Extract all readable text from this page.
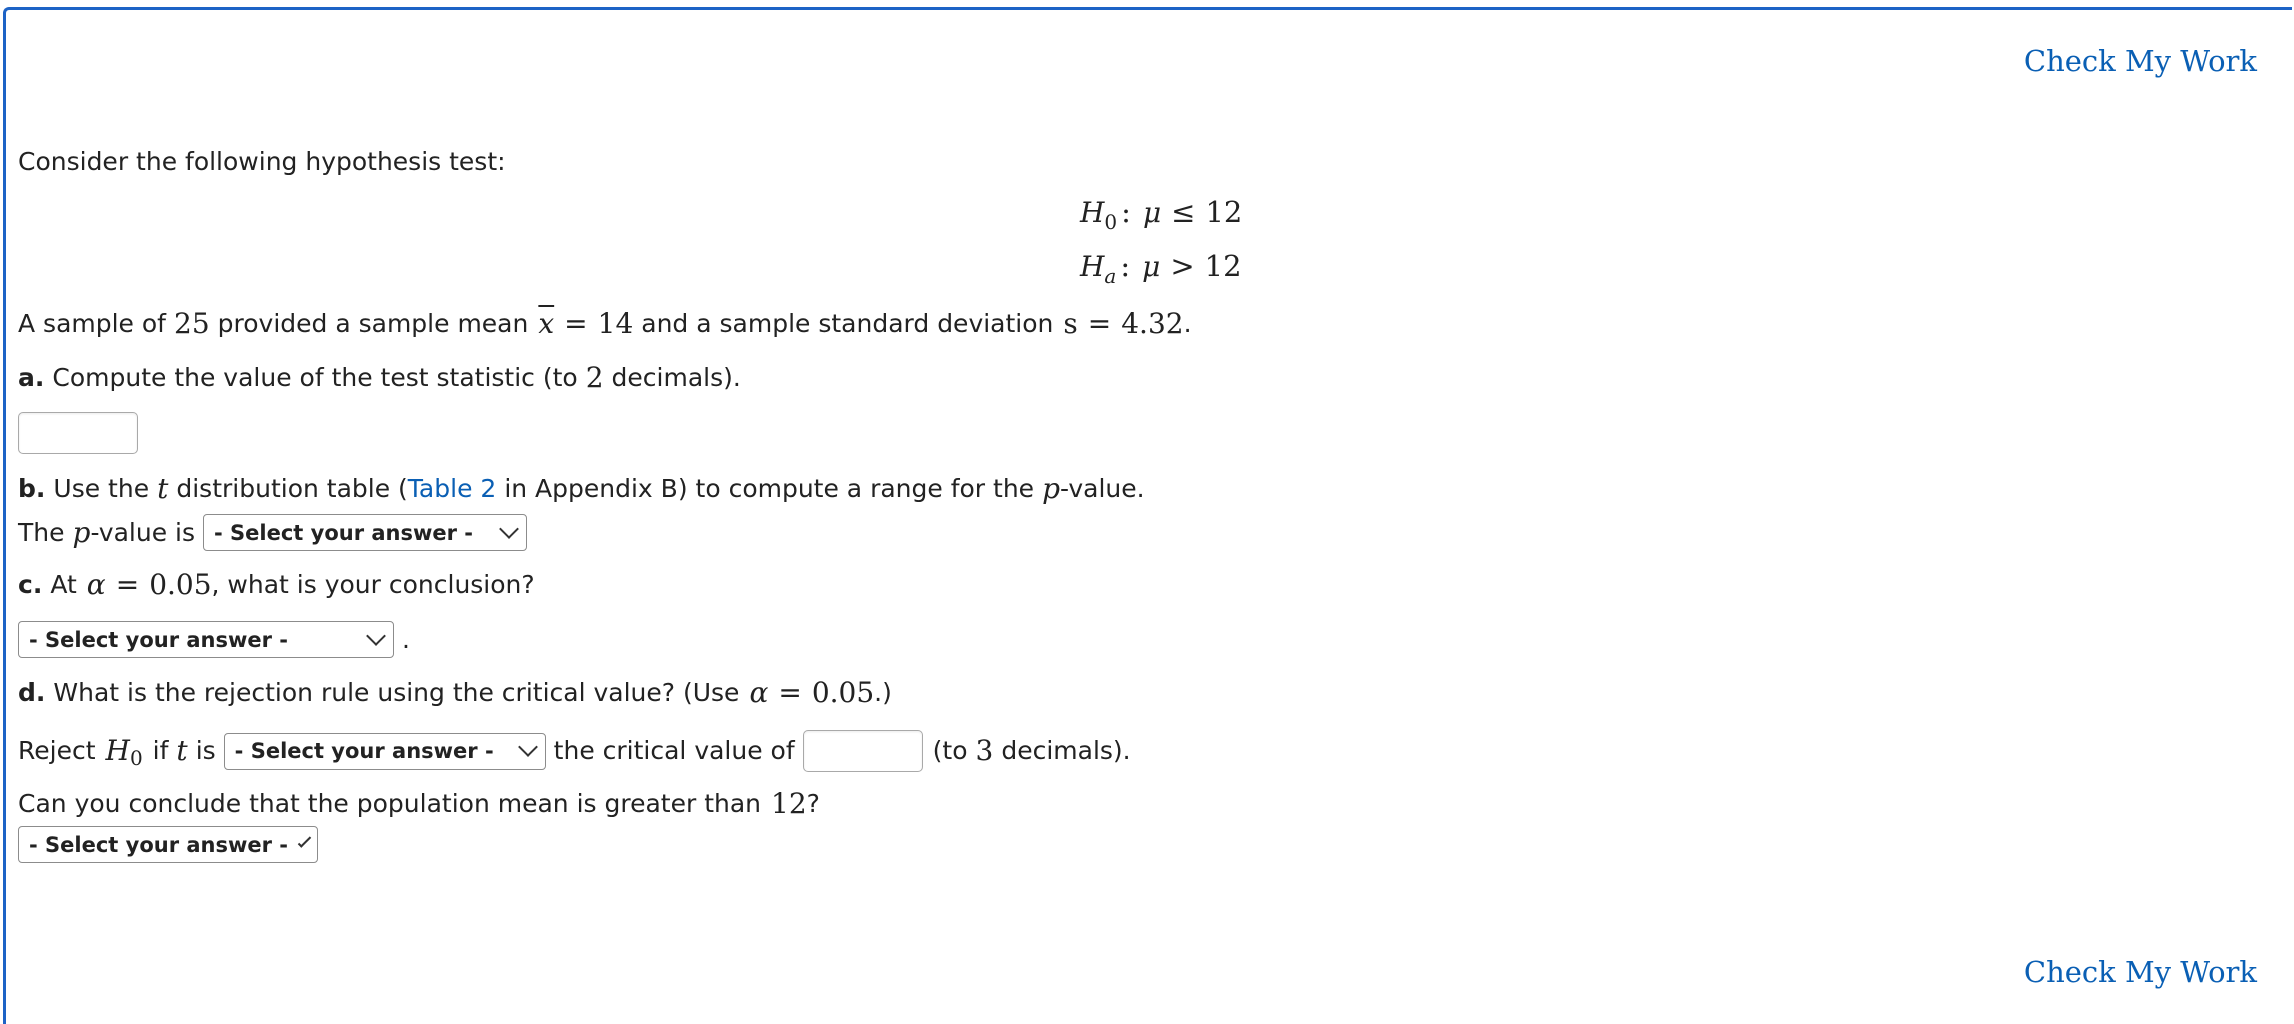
Check My Work
Consider the following hypothesis test:
H 0 : μ ≤ 12
H a : μ > 12
A sample of 25 provided a sample mean $\overline{x} = 14$ and a sample standard deviation s = 4.32 .
a. Compute the value of the test statistic (to 2 decimals).
b. Use the t distribution table ( Table 2 in Appendix B) to compute a range for the p -value.
The p -value is - Select your answer -
c. At α = 0.05 , what is your conclusion?
- Select your answer -	.
d. What is the rejection rule using the critical value? (Use α = 0.05 .)
Reject H 0 if t is - Select your answer - the critical value of	(to 3 decimals).
Can you conclude that the population mean is greater than 12 ?
- Select your answer -
Check My Work
